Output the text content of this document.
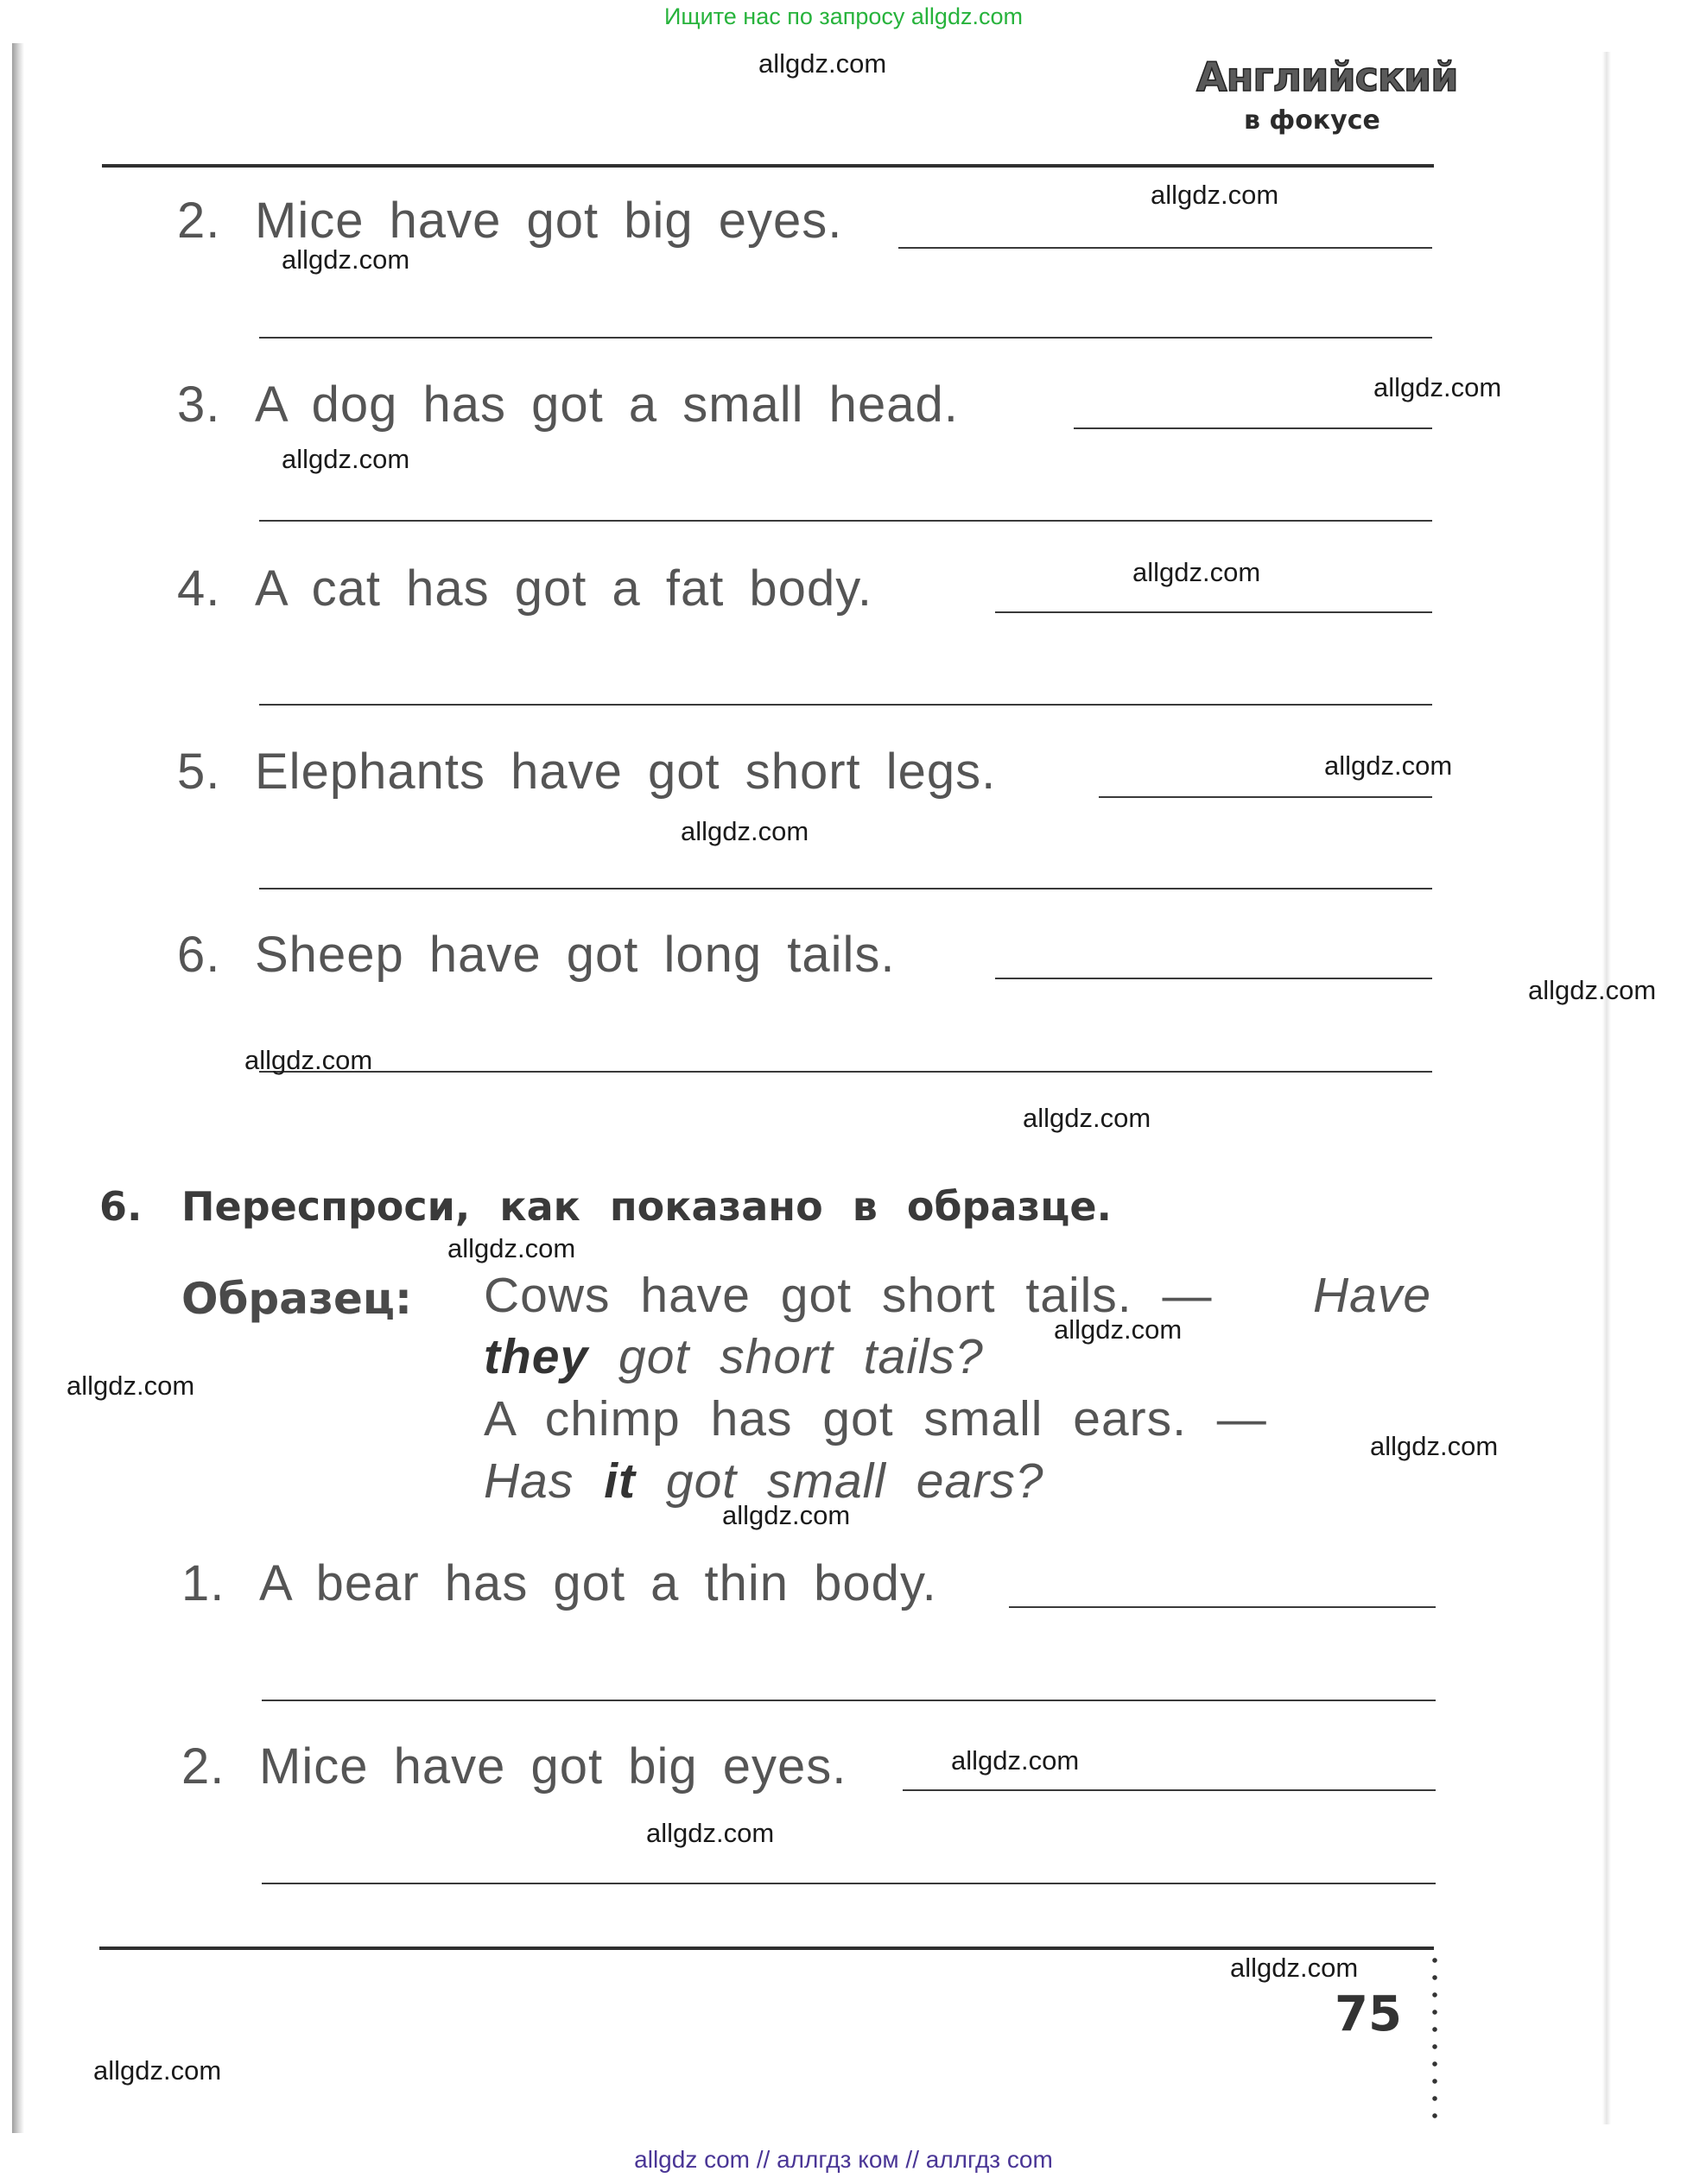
Ищите нас по запросу allgdz.com
Английский
в фокусе
2. Mice have got big eyes.
3. A dog has got a small head.
4. A cat has got a fat body.
5. Elephants have got short legs.
6. Sheep have got long tails.
6. Переспроси, как показано в образце.
Образец: Cows have got short tails. — Have
they got short tails?
A chimp has got small ears. —
Has it got small ears?
1. A bear has got a thin body.
2. Mice have got big eyes.
75
allgdz.com
allgdz.com
allgdz.com
allgdz.com
allgdz.com
allgdz.com
allgdz.com
allgdz.com
allgdz.com
allgdz.com
allgdz.com
allgdz.com
allgdz.com
allgdz.com
allgdz.com
allgdz.com
allgdz.com
allgdz.com
allgdz.com
allgdz.com
allgdz com // аллгдз ком // аллгдз com
